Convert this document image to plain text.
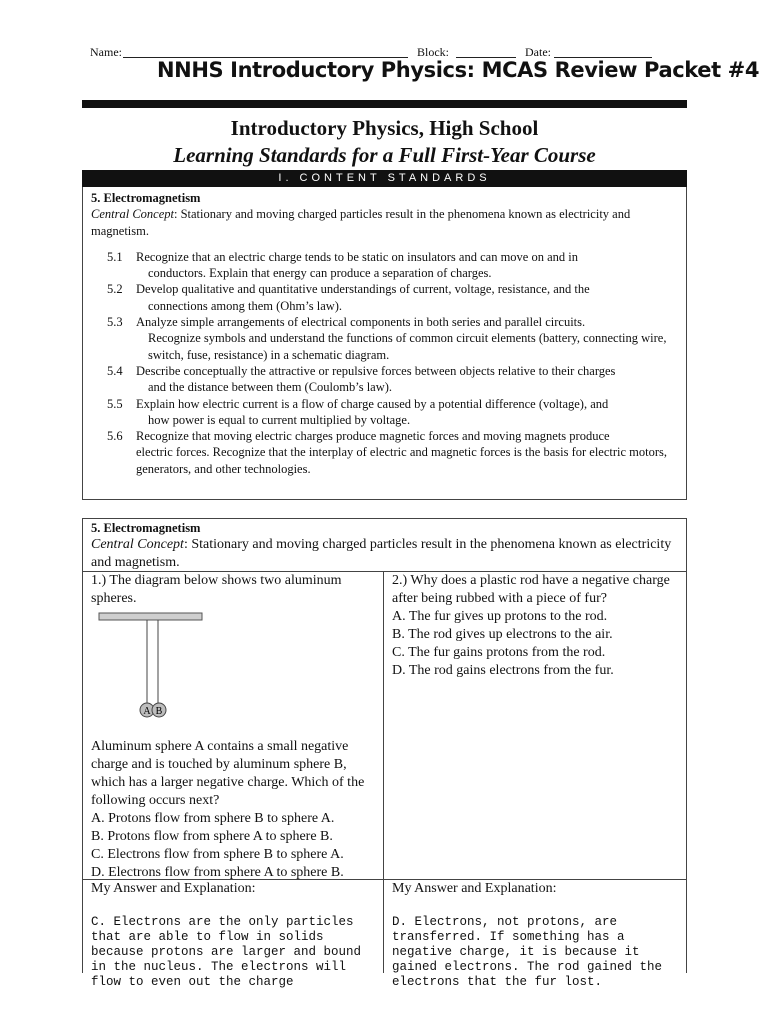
Name:	Block:	Date:
NNHS Introductory Physics: MCAS Review Packet #4
Introductory Physics, High School
Learning Standards for a Full First-Year Course
I. CONTENT STANDARDS
5. Electromagnetism
Central Concept: Stationary and moving charged particles result in the phenomena known as electricity and magnetism.
5.1 Recognize that an electric charge tends to be static on insulators and can move on and in
conductors. Explain that energy can produce a separation of charges.
5.2 Develop qualitative and quantitative understandings of current, voltage, resistance, and the
connections among them (Ohm’s law).
5.3 Analyze simple arrangements of electrical components in both series and parallel circuits.
Recognize symbols and understand the functions of common circuit elements (battery, connecting wire, switch, fuse, resistance) in a schematic diagram.
5.4 Describe conceptually the attractive or repulsive forces between objects relative to their charges
and the distance between them (Coulomb’s law).
5.5 Explain how electric current is a flow of charge caused by a potential difference (voltage), and
how power is equal to current multiplied by voltage.
5.6 Recognize that moving electric charges produce magnetic forces and moving magnets produce
electric forces. Recognize that the interplay of electric and magnetic forces is the basis for electric motors, generators, and other technologies.
5. Electromagnetism
Central Concept: Stationary and moving charged particles result in the phenomena known as electricity and magnetism.
1.) The diagram below shows two aluminum spheres.
A B
Aluminum sphere A contains a small negative charge and is touched by aluminum sphere B, which has a larger negative charge. Which of the following occurs next?
A. Protons flow from sphere B to sphere A.
B. Protons flow from sphere A to sphere B.
C. Electrons flow from sphere B to sphere A.
D. Electrons flow from sphere A to sphere B.
2.) Why does a plastic rod have a negative charge after being rubbed with a piece of fur?
A. The fur gives up protons to the rod.
B. The rod gives up electrons to the air.
C. The fur gains protons from the rod.
D. The rod gains electrons from the fur.
My Answer and Explanation:
C. Electrons are the only particles that are able to flow in solids because protons are larger and bound in the nucleus. The electrons will flow to even out the charge
My Answer and Explanation:
D. Electrons, not protons, are transferred. If something has a negative charge, it is because it gained electrons. The rod gained the electrons that the fur lost.
